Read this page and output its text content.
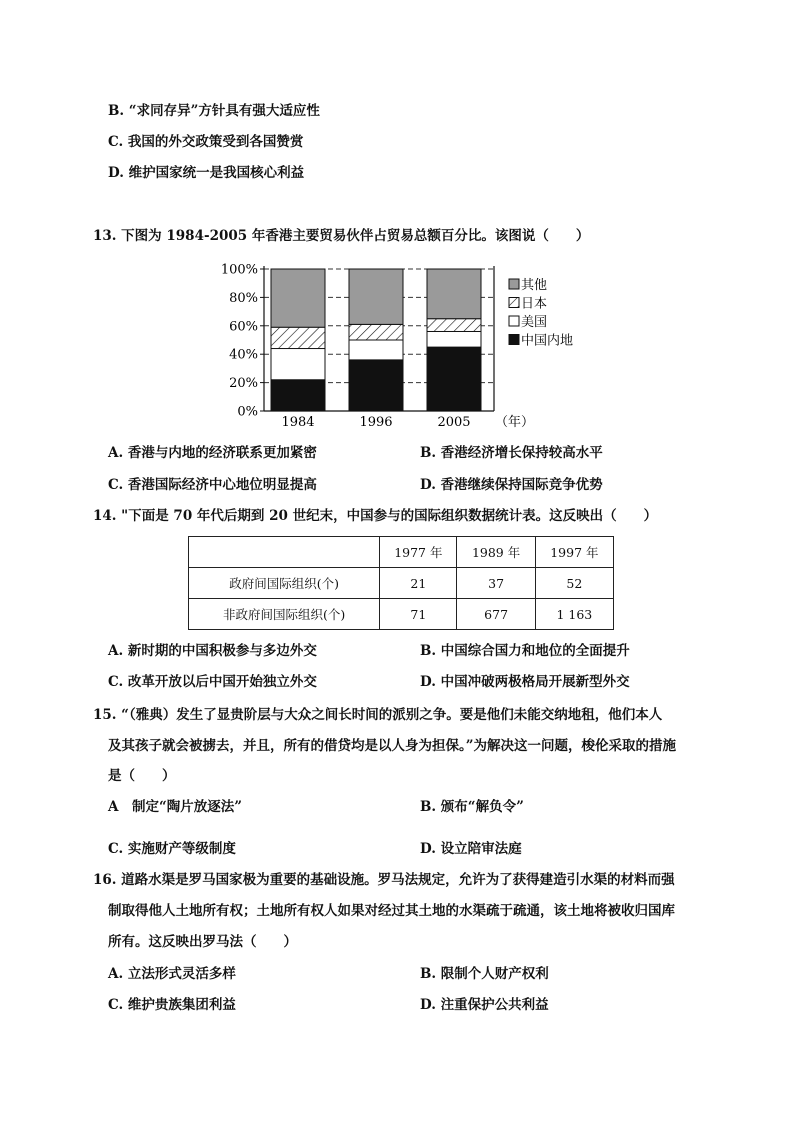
B. “求同存异”方针具有强大适应性
C. 我国的外交政策受到各国赞赏
D. 维护国家统一是我国核心利益
13. 下图为 1984-2005 年香港主要贸易伙伴占贸易总额百分比。该图说（　　）
0%
20%
40%
60%
80%
100%
1984	1996	2005 （年）
其他
日本
美国
中国内地
A. 香港与内地的经济联系更加紧密	B. 香港经济增长保持较高水平
C. 香港国际经济中心地位明显提高	D. 香港继续保持国际竞争优势
14. "下面是 70 年代后期到 20 世纪末，中国参与的国际组织数据统计表。这反映出（　　）
	1977 年	1989 年	1997 年
政府间国际组织(个)	21	37	52
非政府间国际组织(个)	71	677	1 163
A. 新时期的中国积极参与多边外交	B. 中国综合国力和地位的全面提升
C. 改革开放以后中国开始独立外交	D. 中国冲破两极格局开展新型外交
15. “（雅典）发生了显贵阶层与大众之间长时间的派别之争。要是他们未能交纳地租，他们本人
及其孩子就会被掳去，并且，所有的借贷均是以人身为担保。”为解决这一问题，梭伦采取的措施
是（　　）
A　制定“陶片放逐法”	B. 颁布“解负令”
C. 实施财产等级制度	D. 设立陪审法庭
16. 道路水渠是罗马国家极为重要的基础设施。罗马法规定，允许为了获得建造引水渠的材料而强
制取得他人土地所有权；土地所有权人如果对经过其土地的水渠疏于疏通，该土地将被收归国库
所有。这反映出罗马法（　　）
A. 立法形式灵活多样	B. 限制个人财产权利
C. 维护贵族集团利益	D. 注重保护公共利益
